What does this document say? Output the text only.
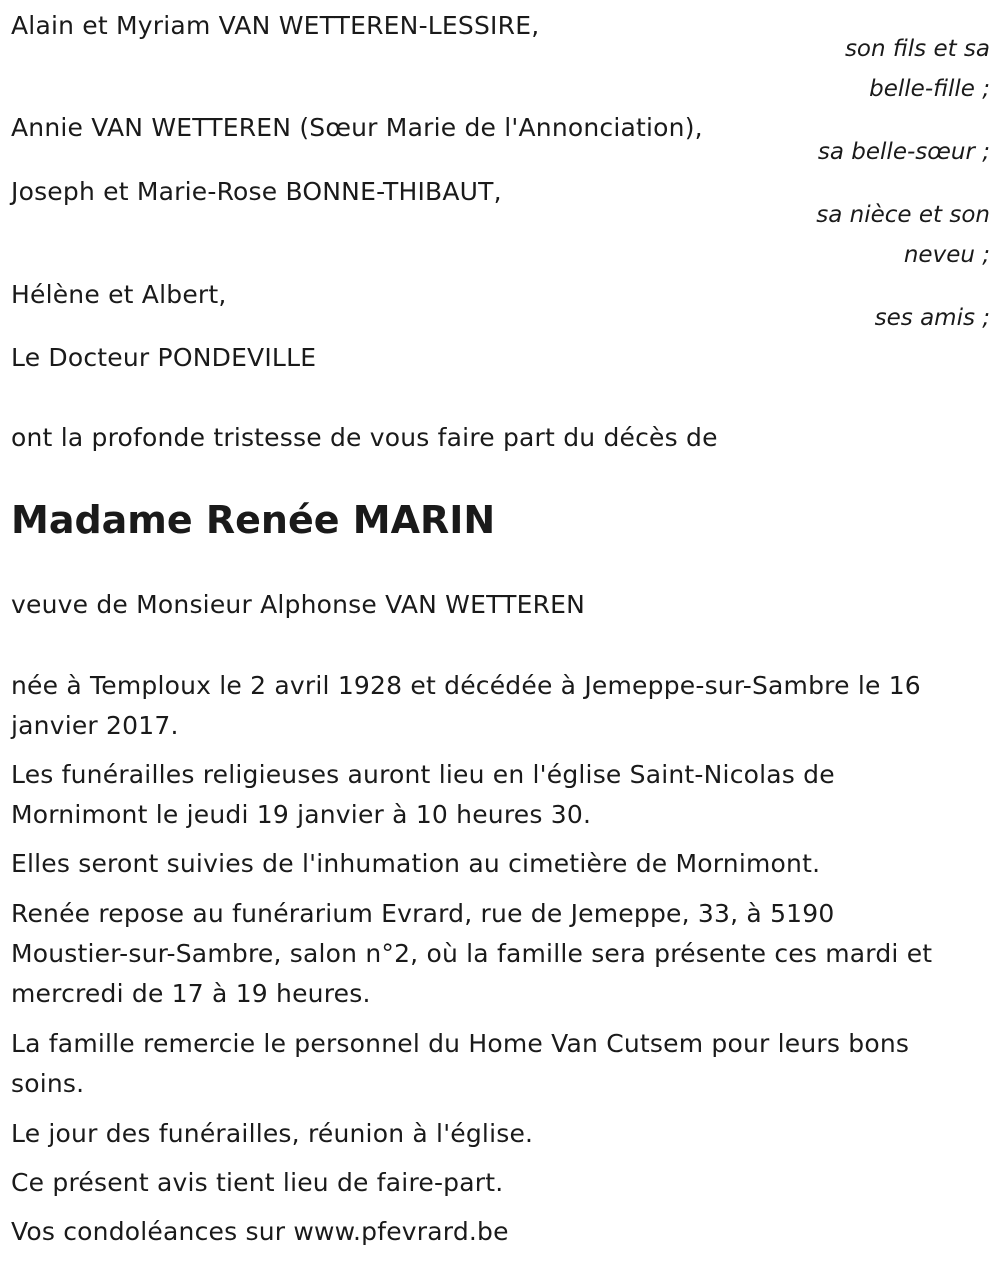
Alain et Myriam VAN WETTEREN-LESSIRE,
son fils et sa
belle-fille ;
Annie VAN WETTEREN (Sœur Marie de l'Annonciation),
sa belle-sœur ;
Joseph et Marie-Rose BONNE-THIBAUT,
sa nièce et son
neveu ;
Hélène et Albert,
ses amis ;
Le Docteur PONDEVILLE
ont la profonde tristesse de vous faire part du décès de
Madame Renée MARIN
veuve de Monsieur Alphonse VAN WETTEREN
née à Temploux le 2 avril 1928 et décédée à Jemeppe-sur-Sambre le 16
janvier 2017.
Les funérailles religieuses auront lieu en l'église Saint-Nicolas de
Mornimont le jeudi 19 janvier à 10 heures 30.
Elles seront suivies de l'inhumation au cimetière de Mornimont.
Renée repose au funérarium Evrard, rue de Jemeppe, 33, à 5190
Moustier-sur-Sambre, salon n°2, où la famille sera présente ces mardi et
mercredi de 17 à 19 heures.
La famille remercie le personnel du Home Van Cutsem pour leurs bons
soins.
Le jour des funérailles, réunion à l'église.
Ce présent avis tient lieu de faire-part.
Vos condoléances sur www.pfevrard.be
